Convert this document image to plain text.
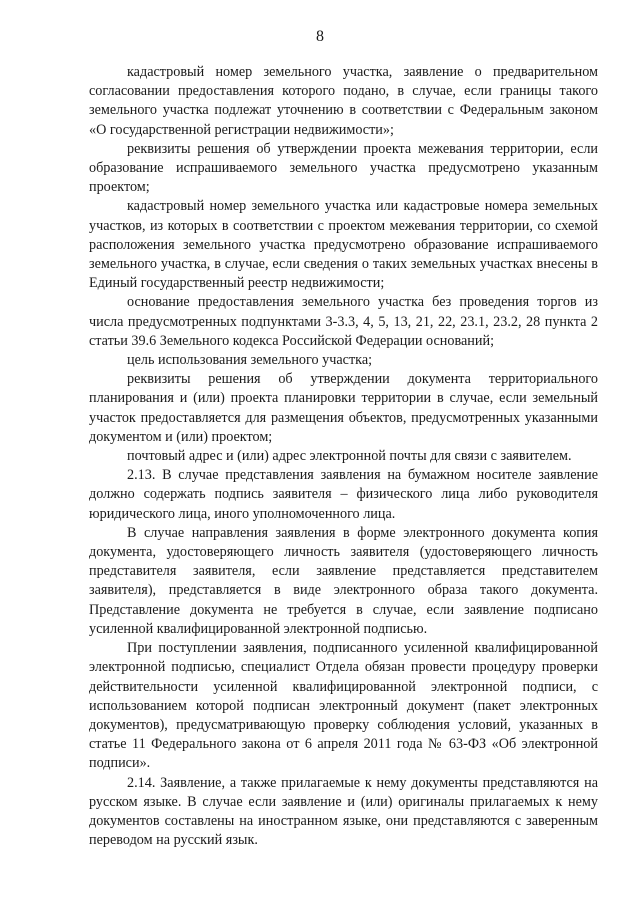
8

кадастровый номер земельного участка, заявление о предварительном согласовании предоставления которого подано, в случае, если границы такого земельного участка подлежат уточнению в соответствии с Федеральным законом «О государственной регистрации недвижимости»;

реквизиты решения об утверждении проекта межевания территории, если образование испрашиваемого земельного участка предусмотрено указанным проектом;

кадастровый номер земельного участка или кадастровые номера земельных участков, из которых в соответствии с проектом межевания территории, со схемой расположения земельного участка предусмотрено образование испрашиваемого земельного участка, в случае, если сведения о таких земельных участках внесены в Единый государственный реестр недвижимости;

основание предоставления земельного участка без проведения торгов из числа предусмотренных подпунктами 3-3.3, 4, 5, 13, 21, 22, 23.1, 23.2, 28 пункта 2 статьи 39.6 Земельного кодекса Российской Федерации оснований;

цель использования земельного участка;

реквизиты решения об утверждении документа территориального планирования и (или) проекта планировки территории в случае, если земельный участок предоставляется для размещения объектов, предусмотренных указанными документом и (или) проектом;

почтовый адрес и (или) адрес электронной почты для связи с заявителем.

2.13. В случае представления заявления на бумажном носителе заявление должно содержать подпись заявителя – физического лица либо руководителя юридического лица, иного уполномоченного лица.

В случае направления заявления в форме электронного документа копия документа, удостоверяющего личность заявителя (удостоверяющего личность представителя заявителя, если заявление представляется представителем заявителя), представляется в виде электронного образа такого документа. Представление документа не требуется в случае, если заявление подписано усиленной квалифицированной электронной подписью.

При поступлении заявления, подписанного усиленной квалифицированной электронной подписью, специалист Отдела обязан провести процедуру проверки действительности усиленной квалифицированной электронной подписи, с использованием которой подписан электронный документ (пакет электронных документов), предусматривающую проверку соблюдения условий, указанных в статье 11 Федерального закона от 6 апреля 2011 года № 63-ФЗ «Об электронной подписи».

2.14. Заявление, а также прилагаемые к нему документы представляются на русском языке. В случае если заявление и (или) оригиналы прилагаемых к нему документов составлены на иностранном языке, они представляются с заверенным переводом на русский язык.
